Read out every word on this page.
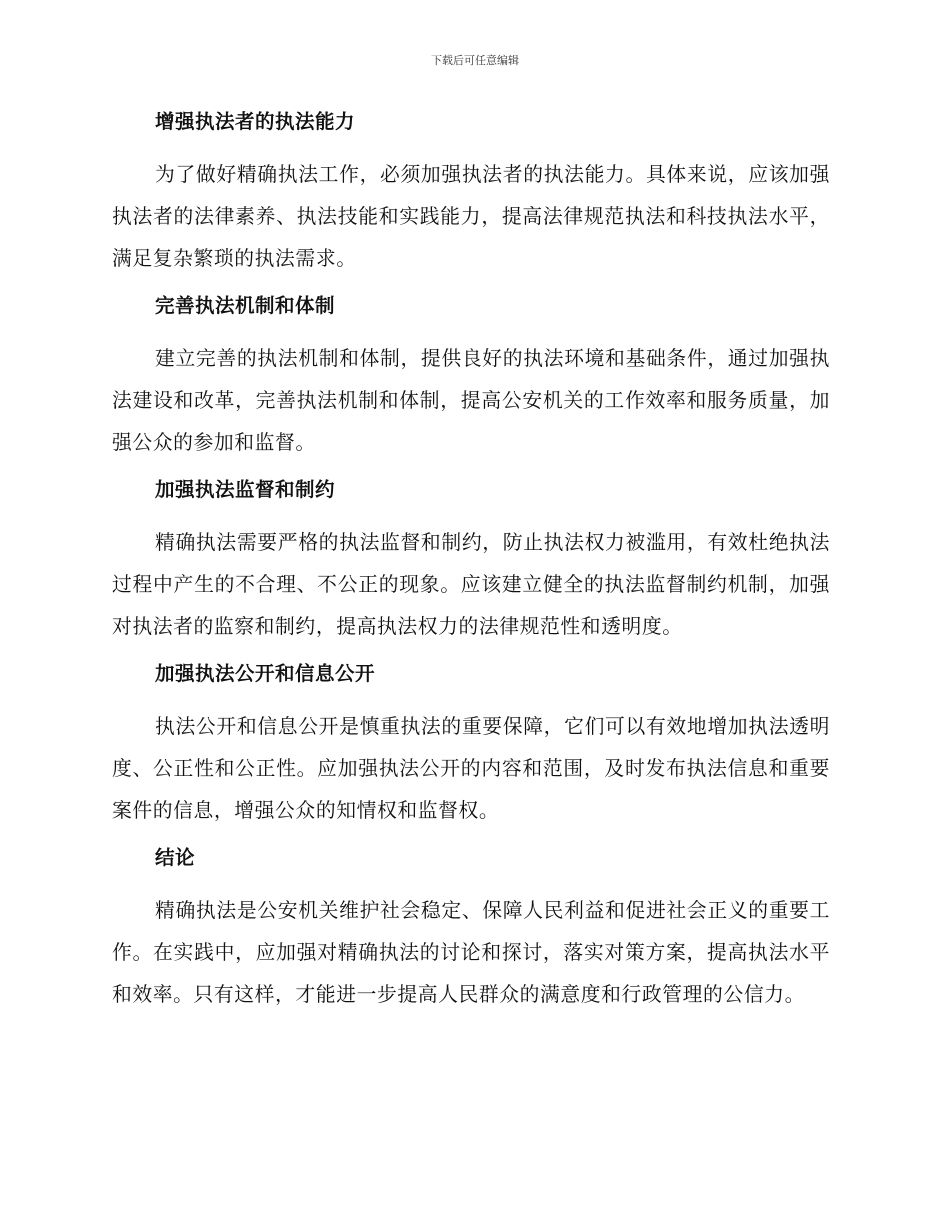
下载后可任意编辑
增强执法者的执法能力

为了做好精确执法工作，必须加强执法者的执法能力。具体来说，应该加强执法者的法律素养、执法技能和实践能力，提高法律规范执法和科技执法水平，满足复杂繁琐的执法需求。

完善执法机制和体制

建立完善的执法机制和体制，提供良好的执法环境和基础条件，通过加强执法建设和改革，完善执法机制和体制，提高公安机关的工作效率和服务质量，加强公众的参加和监督。

加强执法监督和制约

精确执法需要严格的执法监督和制约，防止执法权力被滥用，有效杜绝执法过程中产生的不合理、不公正的现象。应该建立健全的执法监督制约机制，加强对执法者的监察和制约，提高执法权力的法律规范性和透明度。

加强执法公开和信息公开

执法公开和信息公开是慎重执法的重要保障，它们可以有效地增加执法透明度、公正性和公正性。应加强执法公开的内容和范围，及时发布执法信息和重要案件的信息，增强公众的知情权和监督权。

结论

精确执法是公安机关维护社会稳定、保障人民利益和促进社会正义的重要工作。在实践中，应加强对精确执法的讨论和探讨，落实对策方案，提高执法水平和效率。只有这样，才能进一步提高人民群众的满意度和行政管理的公信力。
